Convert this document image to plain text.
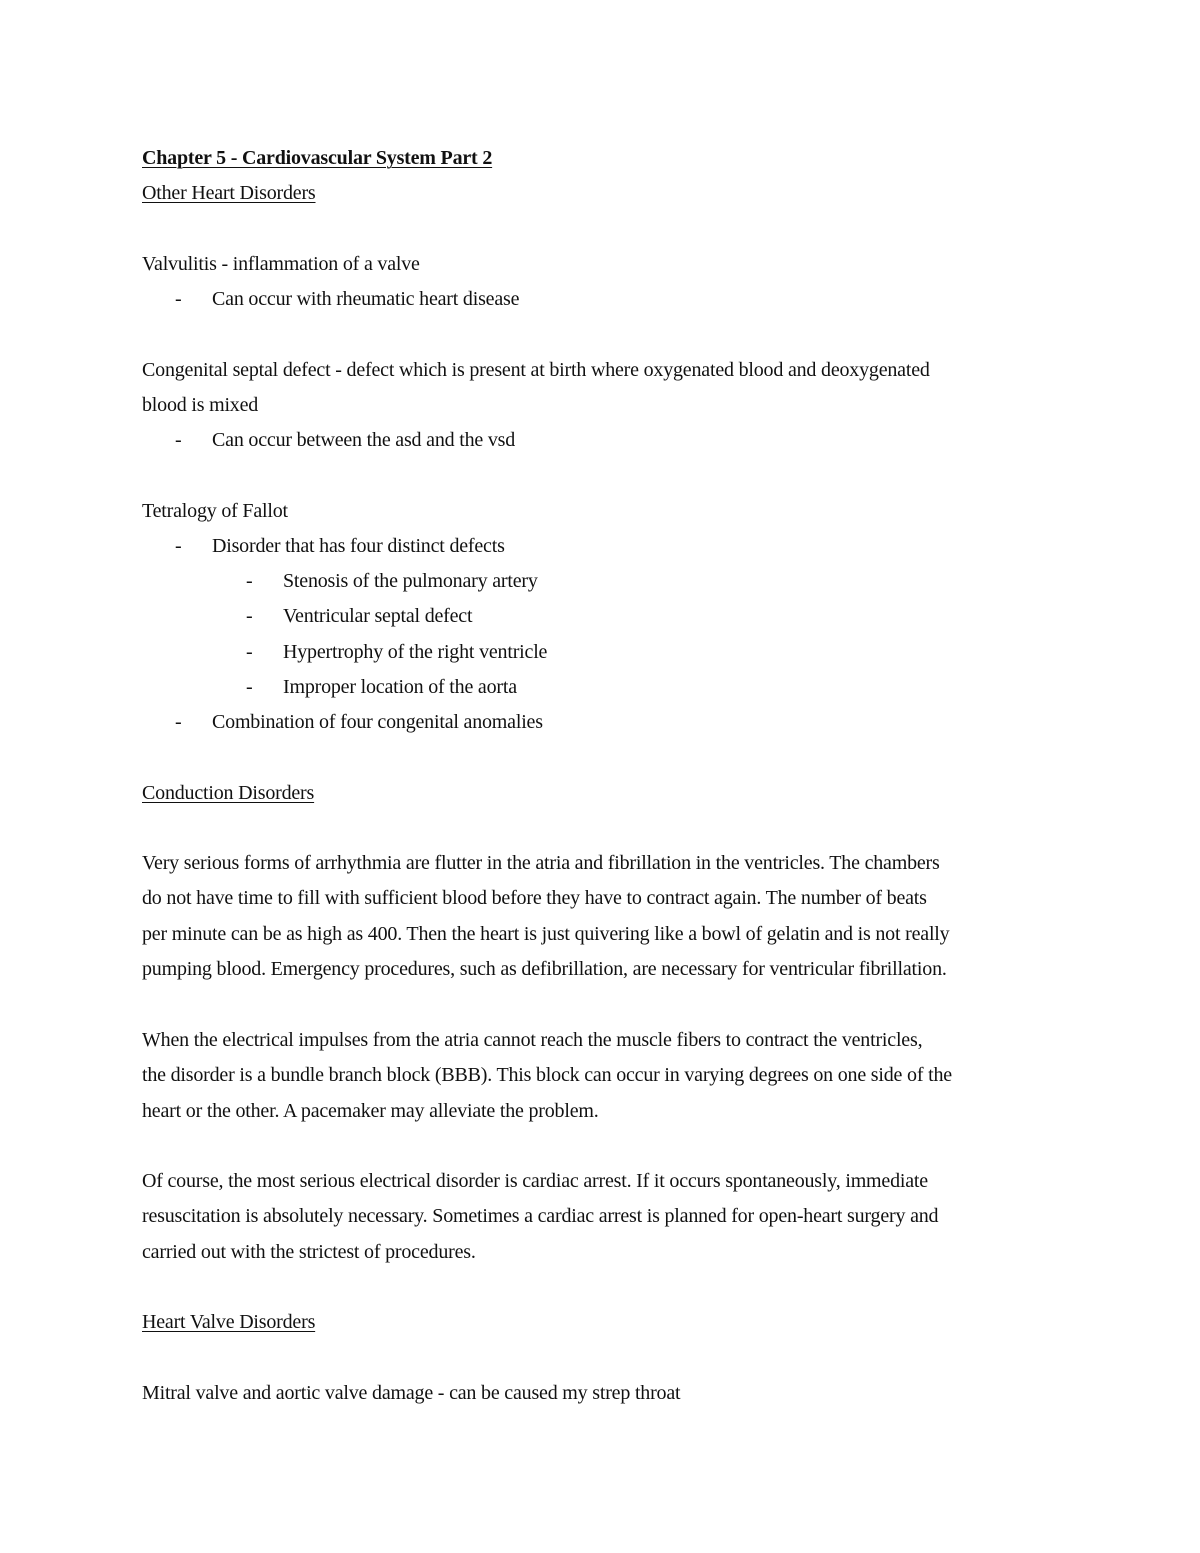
Chapter 5 - Cardiovascular System Part 2
Other Heart Disorders
Valvulitis - inflammation of a valve
- Can occur with rheumatic heart disease
Congenital septal defect - defect which is present at birth where oxygenated blood and deoxygenated
blood is mixed
- Can occur between the asd and the vsd
Tetralogy of Fallot
- Disorder that has four distinct defects
- Stenosis of the pulmonary artery
- Ventricular septal defect
- Hypertrophy of the right ventricle
- Improper location of the aorta
- Combination of four congenital anomalies
Conduction Disorders
Very serious forms of arrhythmia are flutter in the atria and fibrillation in the ventricles. The chambers
do not have time to fill with sufficient blood before they have to contract again. The number of beats
per minute can be as high as 400. Then the heart is just quivering like a bowl of gelatin and is not really
pumping blood. Emergency procedures, such as defibrillation, are necessary for ventricular fibrillation.
When the electrical impulses from the atria cannot reach the muscle fibers to contract the ventricles,
the disorder is a bundle branch block (BBB). This block can occur in varying degrees on one side of the
heart or the other. A pacemaker may alleviate the problem.
Of course, the most serious electrical disorder is cardiac arrest. If it occurs spontaneously, immediate
resuscitation is absolutely necessary. Sometimes a cardiac arrest is planned for open-heart surgery and
carried out with the strictest of procedures.
Heart Valve Disorders
Mitral valve and aortic valve damage - can be caused my strep throat
